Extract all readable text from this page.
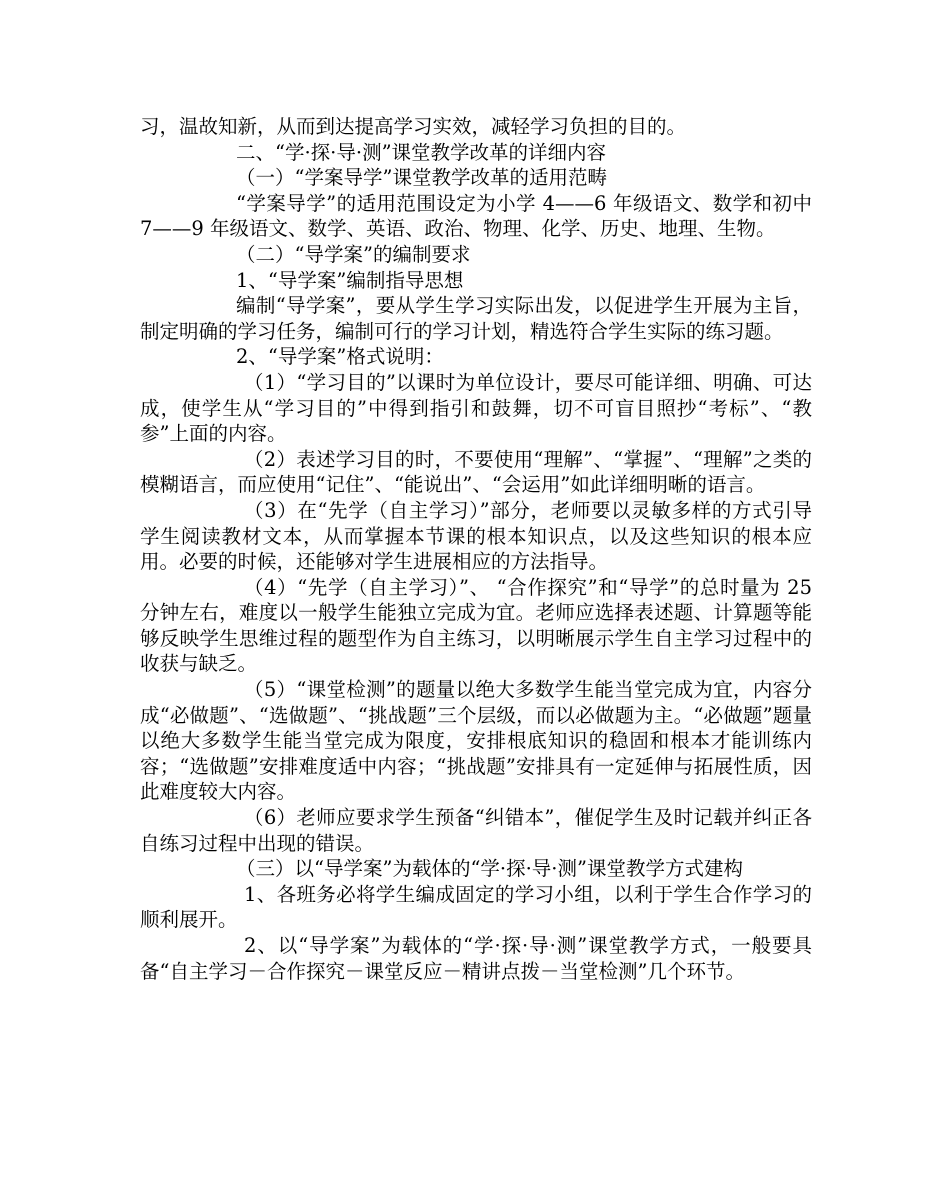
习，温故知新，从而到达提高学习实效，减轻学习负担的目的。

二、“学·探·导·测”课堂教学改革的详细内容

（一）“学案导学”课堂教学改革的适用范畴

“学案导学”的适用范围设定为小学 4——6 年级语文、数学和初中 7——9 年级语文、数学、英语、政治、物理、化学、历史、地理、生物。

（二）“导学案”的编制要求

1、“导学案”编制指导思想

编制“导学案”，要从学生学习实际出发，以促进学生开展为主旨，制定明确的学习任务，编制可行的学习计划，精选符合学生实际的练习题。

2、“导学案”格式说明：

（1）“学习目的”以课时为单位设计，要尽可能详细、明确、可达成，使学生从“学习目的”中得到指引和鼓舞，切不可盲目照抄“考标”、“教参”上面的内容。

（2）表述学习目的时，不要使用“理解”、“掌握”、“理解”之类的模糊语言，而应使用“记住”、“能说出”、“会运用”如此详细明晰的语言。

（3）在“先学（自主学习）”部分，老师要以灵敏多样的方式引导学生阅读教材文本，从而掌握本节课的根本知识点，以及这些知识的根本应用。必要的时候，还能够对学生进展相应的方法指导。

（4）“先学（自主学习）”、 “合作探究”和“导学”的总时量为 25 分钟左右，难度以一般学生能独立完成为宜。老师应选择表述题、计算题等能够反映学生思维过程的题型作为自主练习，以明晰展示学生自主学习过程中的收获与缺乏。

（5）“课堂检测”的题量以绝大多数学生能当堂完成为宜，内容分成“必做题”、“选做题”、“挑战题”三个层级，而以必做题为主。“必做题”题量以绝大多数学生能当堂完成为限度，安排根底知识的稳固和根本才能训练内容；“选做题”安排难度适中内容；“挑战题”安排具有一定延伸与拓展性质，因此难度较大内容。

（6）老师应要求学生预备“纠错本”，催促学生及时记载并纠正各自练习过程中出现的错误。

（三）以“导学案”为载体的“学·探·导·测”课堂教学方式建构

1、各班务必将学生编成固定的学习小组，以利于学生合作学习的顺利展开。

2、以“导学案”为载体的“学·探·导·测”课堂教学方式，一般要具备“自主学习－合作探究－课堂反应－精讲点拨－当堂检测”几个环节。
